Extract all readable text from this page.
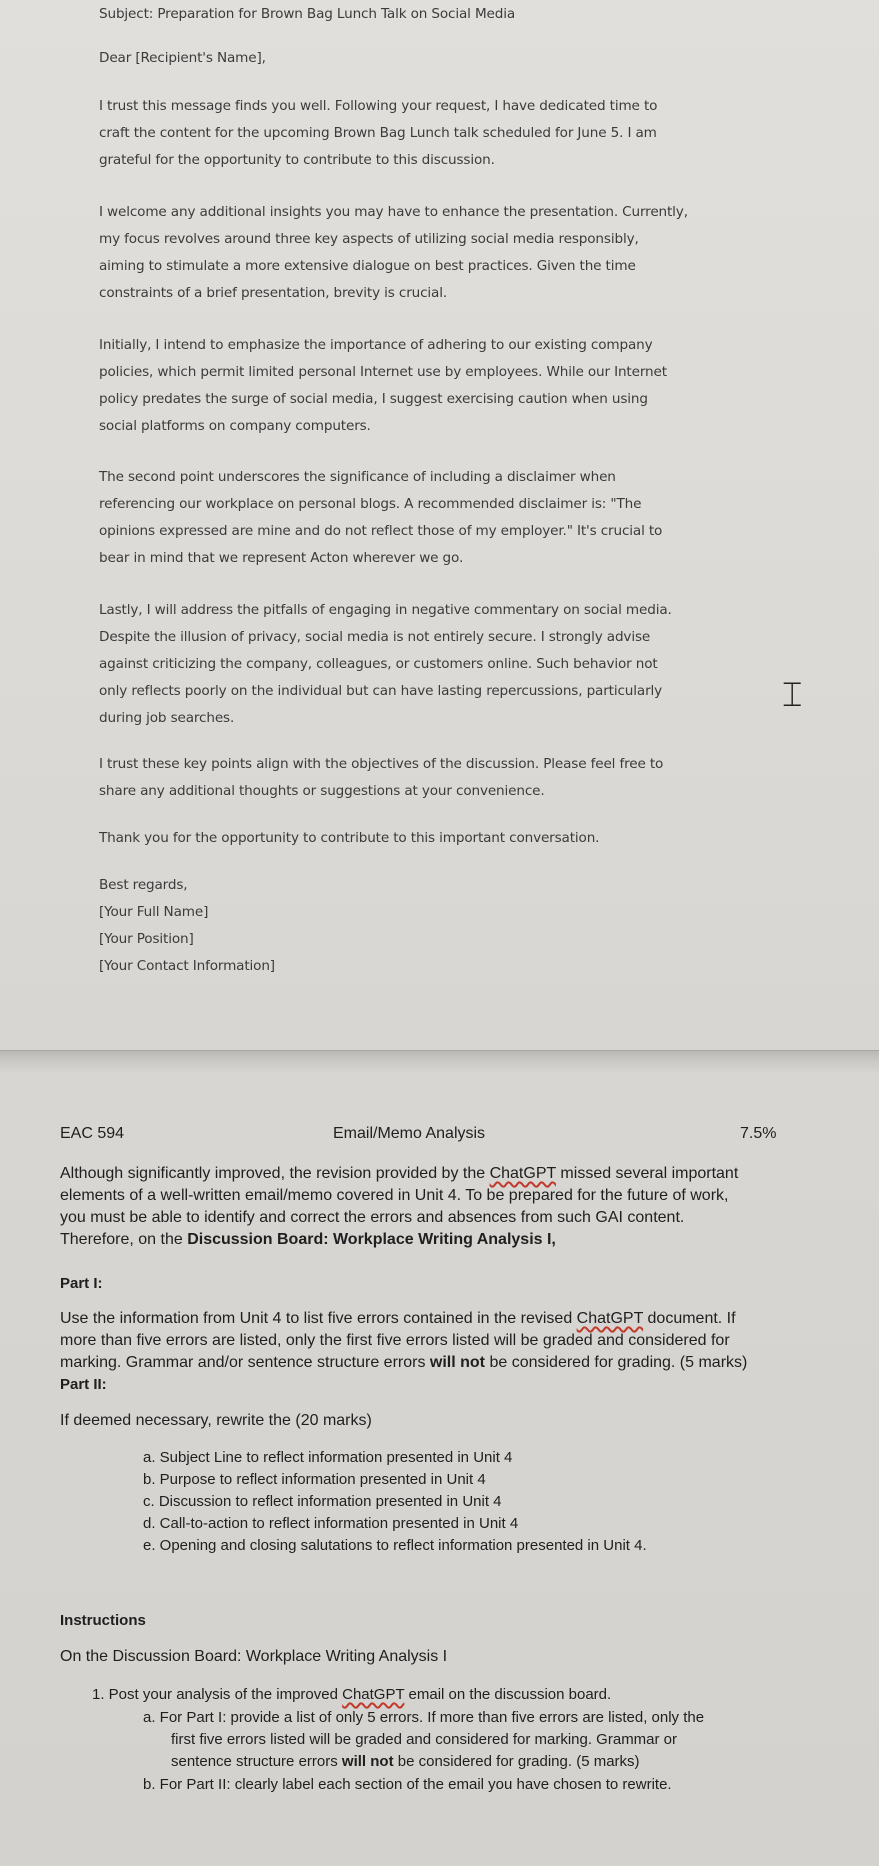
Subject: Preparation for Brown Bag Lunch Talk on Social Media
Dear [Recipient's Name],
I trust this message finds you well. Following your request, I have dedicated time to
craft the content for the upcoming Brown Bag Lunch talk scheduled for June 5. I am
grateful for the opportunity to contribute to this discussion.
I welcome any additional insights you may have to enhance the presentation. Currently,
my focus revolves around three key aspects of utilizing social media responsibly,
aiming to stimulate a more extensive dialogue on best practices. Given the time
constraints of a brief presentation, brevity is crucial.
Initially, I intend to emphasize the importance of adhering to our existing company
policies, which permit limited personal Internet use by employees. While our Internet
policy predates the surge of social media, I suggest exercising caution when using
social platforms on company computers.
The second point underscores the significance of including a disclaimer when
referencing our workplace on personal blogs. A recommended disclaimer is: "The
opinions expressed are mine and do not reflect those of my employer." It's crucial to
bear in mind that we represent Acton wherever we go.
Lastly, I will address the pitfalls of engaging in negative commentary on social media.
Despite the illusion of privacy, social media is not entirely secure. I strongly advise
against criticizing the company, colleagues, or customers online. Such behavior not
only reflects poorly on the individual but can have lasting repercussions, particularly
during job searches.
I trust these key points align with the objectives of the discussion. Please feel free to
share any additional thoughts or suggestions at your convenience.
Thank you for the opportunity to contribute to this important conversation.
Best regards,
[Your Full Name]
[Your Position]
[Your Contact Information]
⌶
EAC 594	Email/Memo Analysis	7.5%
Although significantly improved, the revision provided by the ChatGPT missed several important
elements of a well-written email/memo covered in Unit 4. To be prepared for the future of work,
you must be able to identify and correct the errors and absences from such GAI content.
Therefore, on the Discussion Board: Workplace Writing Analysis I,
Part I:
Use the information from Unit 4 to list five errors contained in the revised ChatGPT document. If
more than five errors are listed, only the first five errors listed will be graded and considered for
marking. Grammar and/or sentence structure errors will not be considered for grading. (5 marks)
Part II:
If deemed necessary, rewrite the (20 marks)
a. Subject Line to reflect information presented in Unit 4
b. Purpose to reflect information presented in Unit 4
c. Discussion to reflect information presented in Unit 4
d. Call-to-action to reflect information presented in Unit 4
e. Opening and closing salutations to reflect information presented in Unit 4.
Instructions
On the Discussion Board: Workplace Writing Analysis I
1. Post your analysis of the improved ChatGPT email on the discussion board.
a. For Part I: provide a list of only 5 errors. If more than five errors are listed, only the
first five errors listed will be graded and considered for marking. Grammar or
sentence structure errors will not be considered for grading. (5 marks)
b. For Part II: clearly label each section of the email you have chosen to rewrite.
